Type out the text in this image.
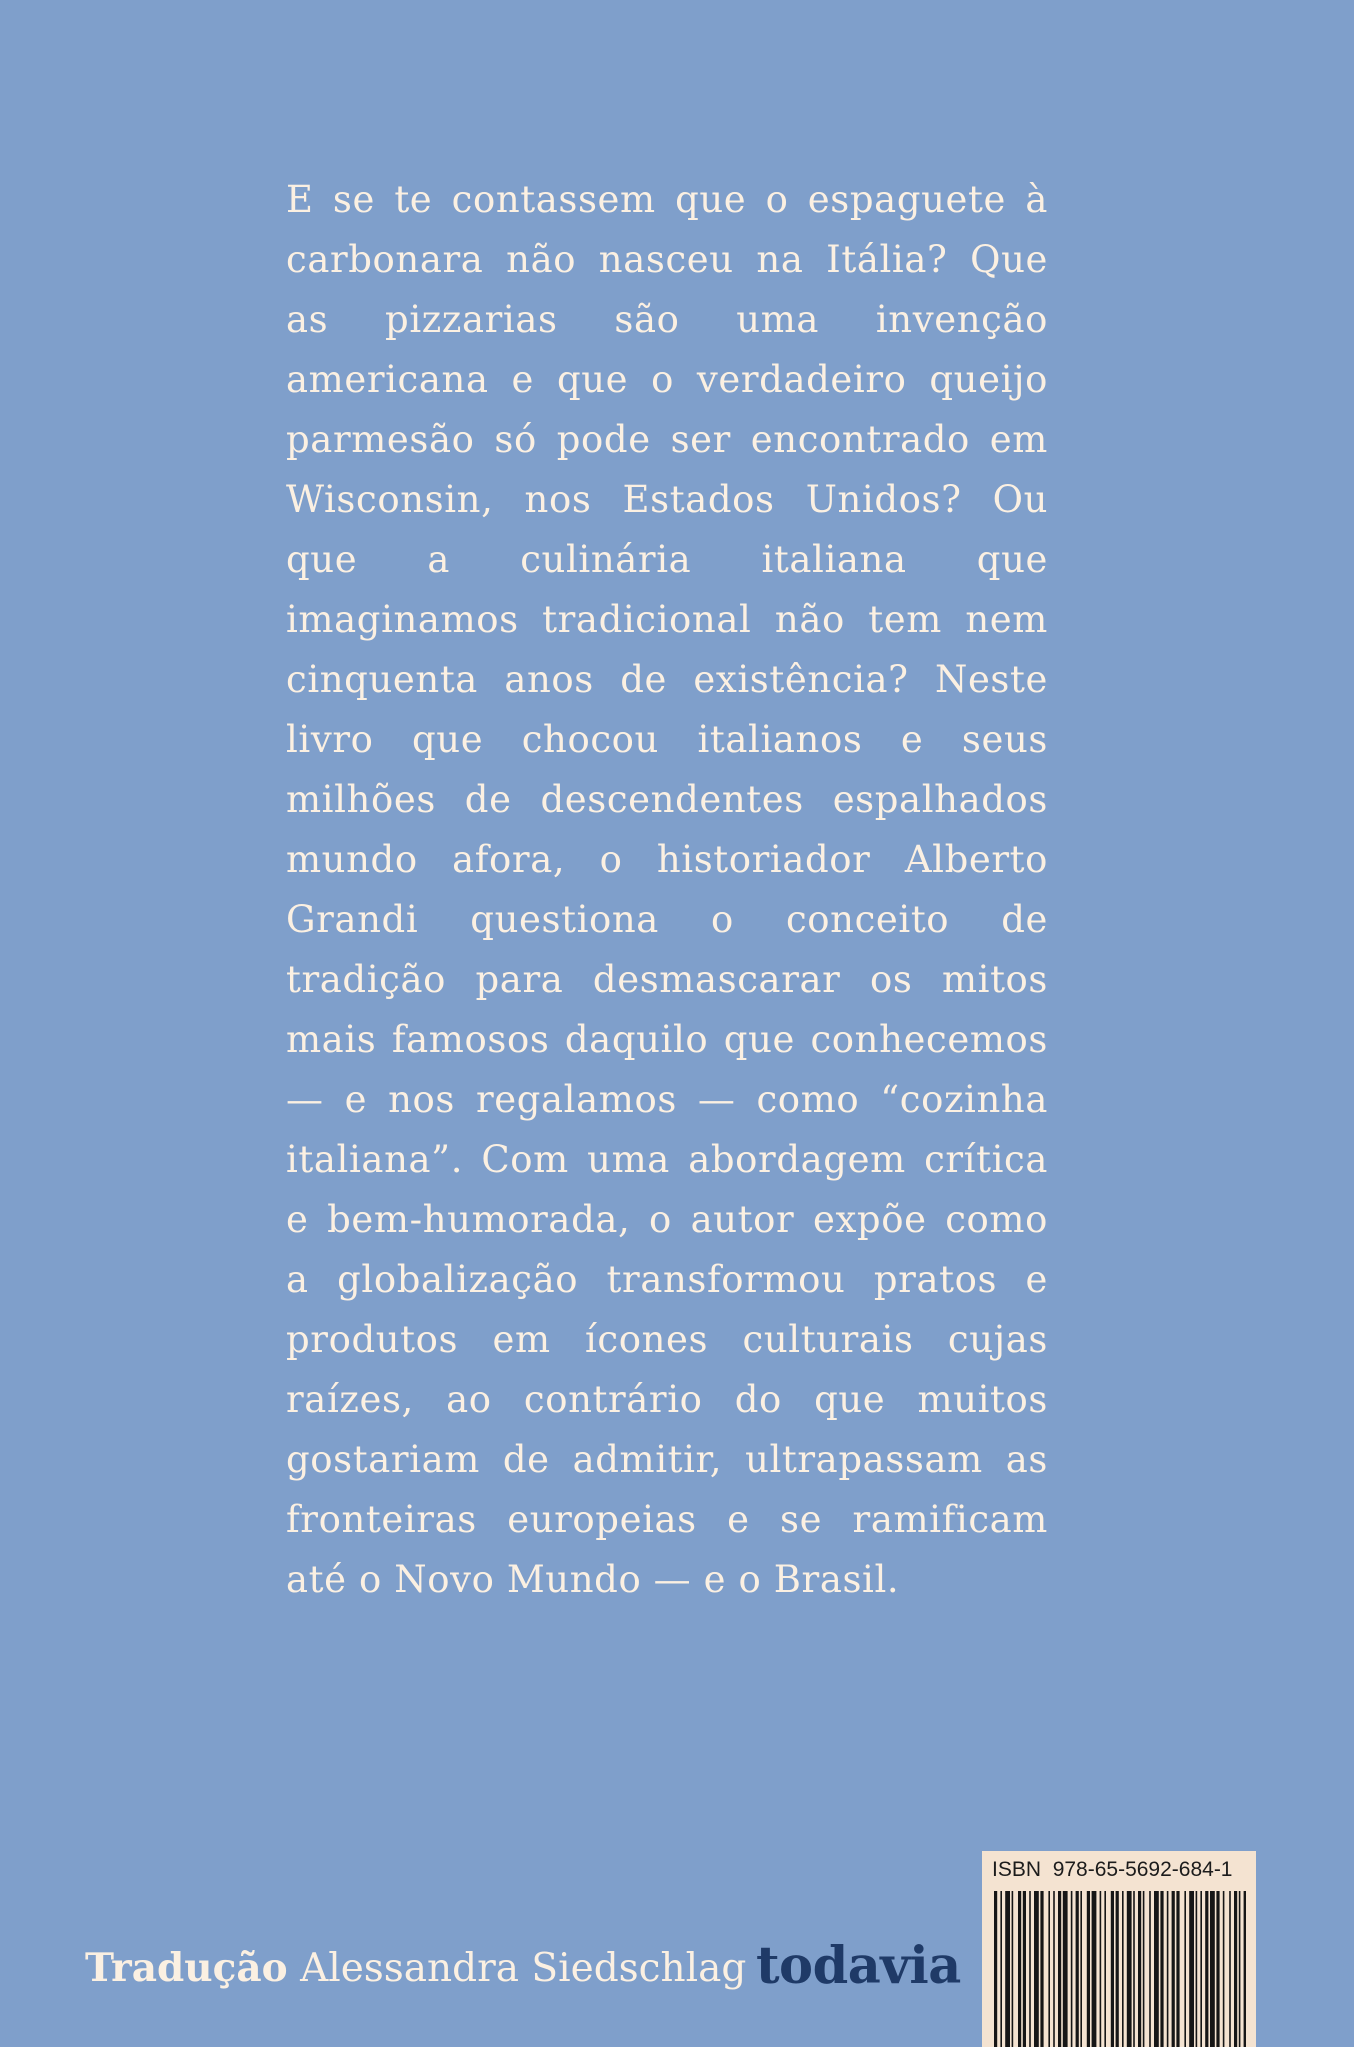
E se te contassem que o espaguete à carbonara não nasceu na Itália? Que as pizzarias são uma invenção americana e que o verdadeiro queijo parmesão só pode ser encontrado em Wisconsin, nos Estados Unidos? Ou que a culinária italiana que imaginamos tradicional não tem nem cinquenta anos de existência? Neste livro que chocou italianos e seus milhões de descendentes espalhados mundo afora, o historiador Alberto Grandi questiona o conceito de tradição para desmascarar os mitos mais famosos daquilo que conhecemos — e nos regalamos — como “cozinha italiana”. Com uma abordagem crítica e bem-humorada, o autor expõe como a globalização transformou pratos e produtos em ícones culturais cujas raízes, ao contrário do que muitos gostariam de admitir, ultrapassam as fronteiras europeias e se ramificam até o Novo Mundo — e o Brasil.

Tradução Alessandra Siedschlag todavia
ISBN 978-65-5692-684-1
